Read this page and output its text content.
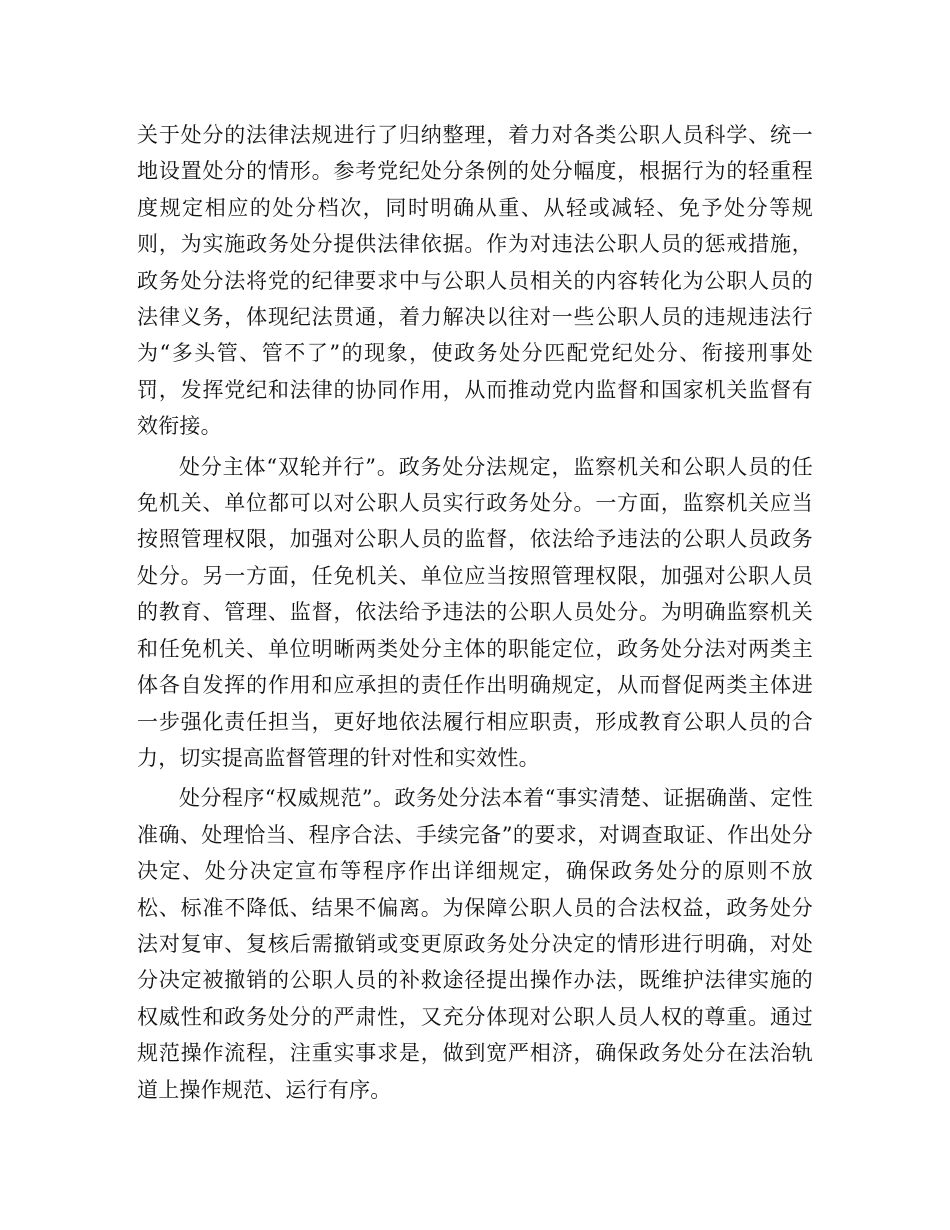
关于处分的法律法规进行了归纳整理，着力对各类公职人员科学、统一地设置处分的情形。参考党纪处分条例的处分幅度，根据行为的轻重程度规定相应的处分档次，同时明确从重、从轻或减轻、免予处分等规则，为实施政务处分提供法律依据。作为对违法公职人员的惩戒措施，政务处分法将党的纪律要求中与公职人员相关的内容转化为公职人员的法律义务，体现纪法贯通，着力解决以往对一些公职人员的违规违法行为“多头管、管不了”的现象，使政务处分匹配党纪处分、衔接刑事处罚，发挥党纪和法律的协同作用，从而推动党内监督和国家机关监督有效衔接。

处分主体“双轮并行”。政务处分法规定，监察机关和公职人员的任免机关、单位都可以对公职人员实行政务处分。一方面，监察机关应当按照管理权限，加强对公职人员的监督，依法给予违法的公职人员政务处分。另一方面，任免机关、单位应当按照管理权限，加强对公职人员的教育、管理、监督，依法给予违法的公职人员处分。为明确监察机关和任免机关、单位明晰两类处分主体的职能定位，政务处分法对两类主体各自发挥的作用和应承担的责任作出明确规定，从而督促两类主体进一步强化责任担当，更好地依法履行相应职责，形成教育公职人员的合力，切实提高监督管理的针对性和实效性。

处分程序“权威规范”。政务处分法本着“事实清楚、证据确凿、定性准确、处理恰当、程序合法、手续完备”的要求，对调查取证、作出处分决定、处分决定宣布等程序作出详细规定，确保政务处分的原则不放松、标准不降低、结果不偏离。为保障公职人员的合法权益，政务处分法对复审、复核后需撤销或变更原政务处分决定的情形进行明确，对处分决定被撤销的公职人员的补救途径提出操作办法，既维护法律实施的权威性和政务处分的严肃性，又充分体现对公职人员人权的尊重。通过规范操作流程，注重实事求是，做到宽严相济，确保政务处分在法治轨道上操作规范、运行有序。
